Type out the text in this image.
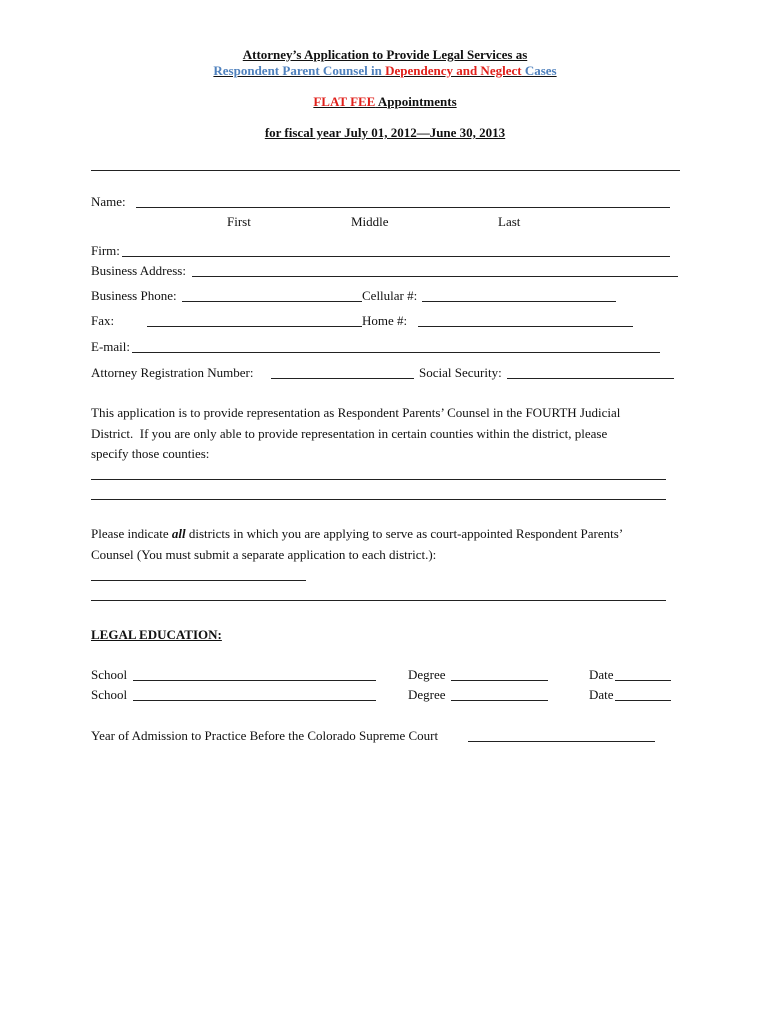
Attorney’s Application to Provide Legal Services as
Respondent Parent Counsel in Dependency and Neglect Cases
FLAT FEE Appointments
for fiscal year July 01, 2012—June 30, 2013
Name:
First	Middle	Last
Firm:
Business Address:
Business Phone:	Cellular #:
Fax:	Home #:
E-mail:
Attorney Registration Number:	Social Security:
This application is to provide representation as Respondent Parents’ Counsel in the FOURTH Judicial
District.  If you are only able to provide representation in certain counties within the district, please
specify those counties:
Please indicate all districts in which you are applying to serve as court-appointed Respondent Parents’
Counsel (You must submit a separate application to each district.):
LEGAL EDUCATION:
School	Degree	Date
School	Degree	Date
Year of Admission to Practice Before the Colorado Supreme Court
